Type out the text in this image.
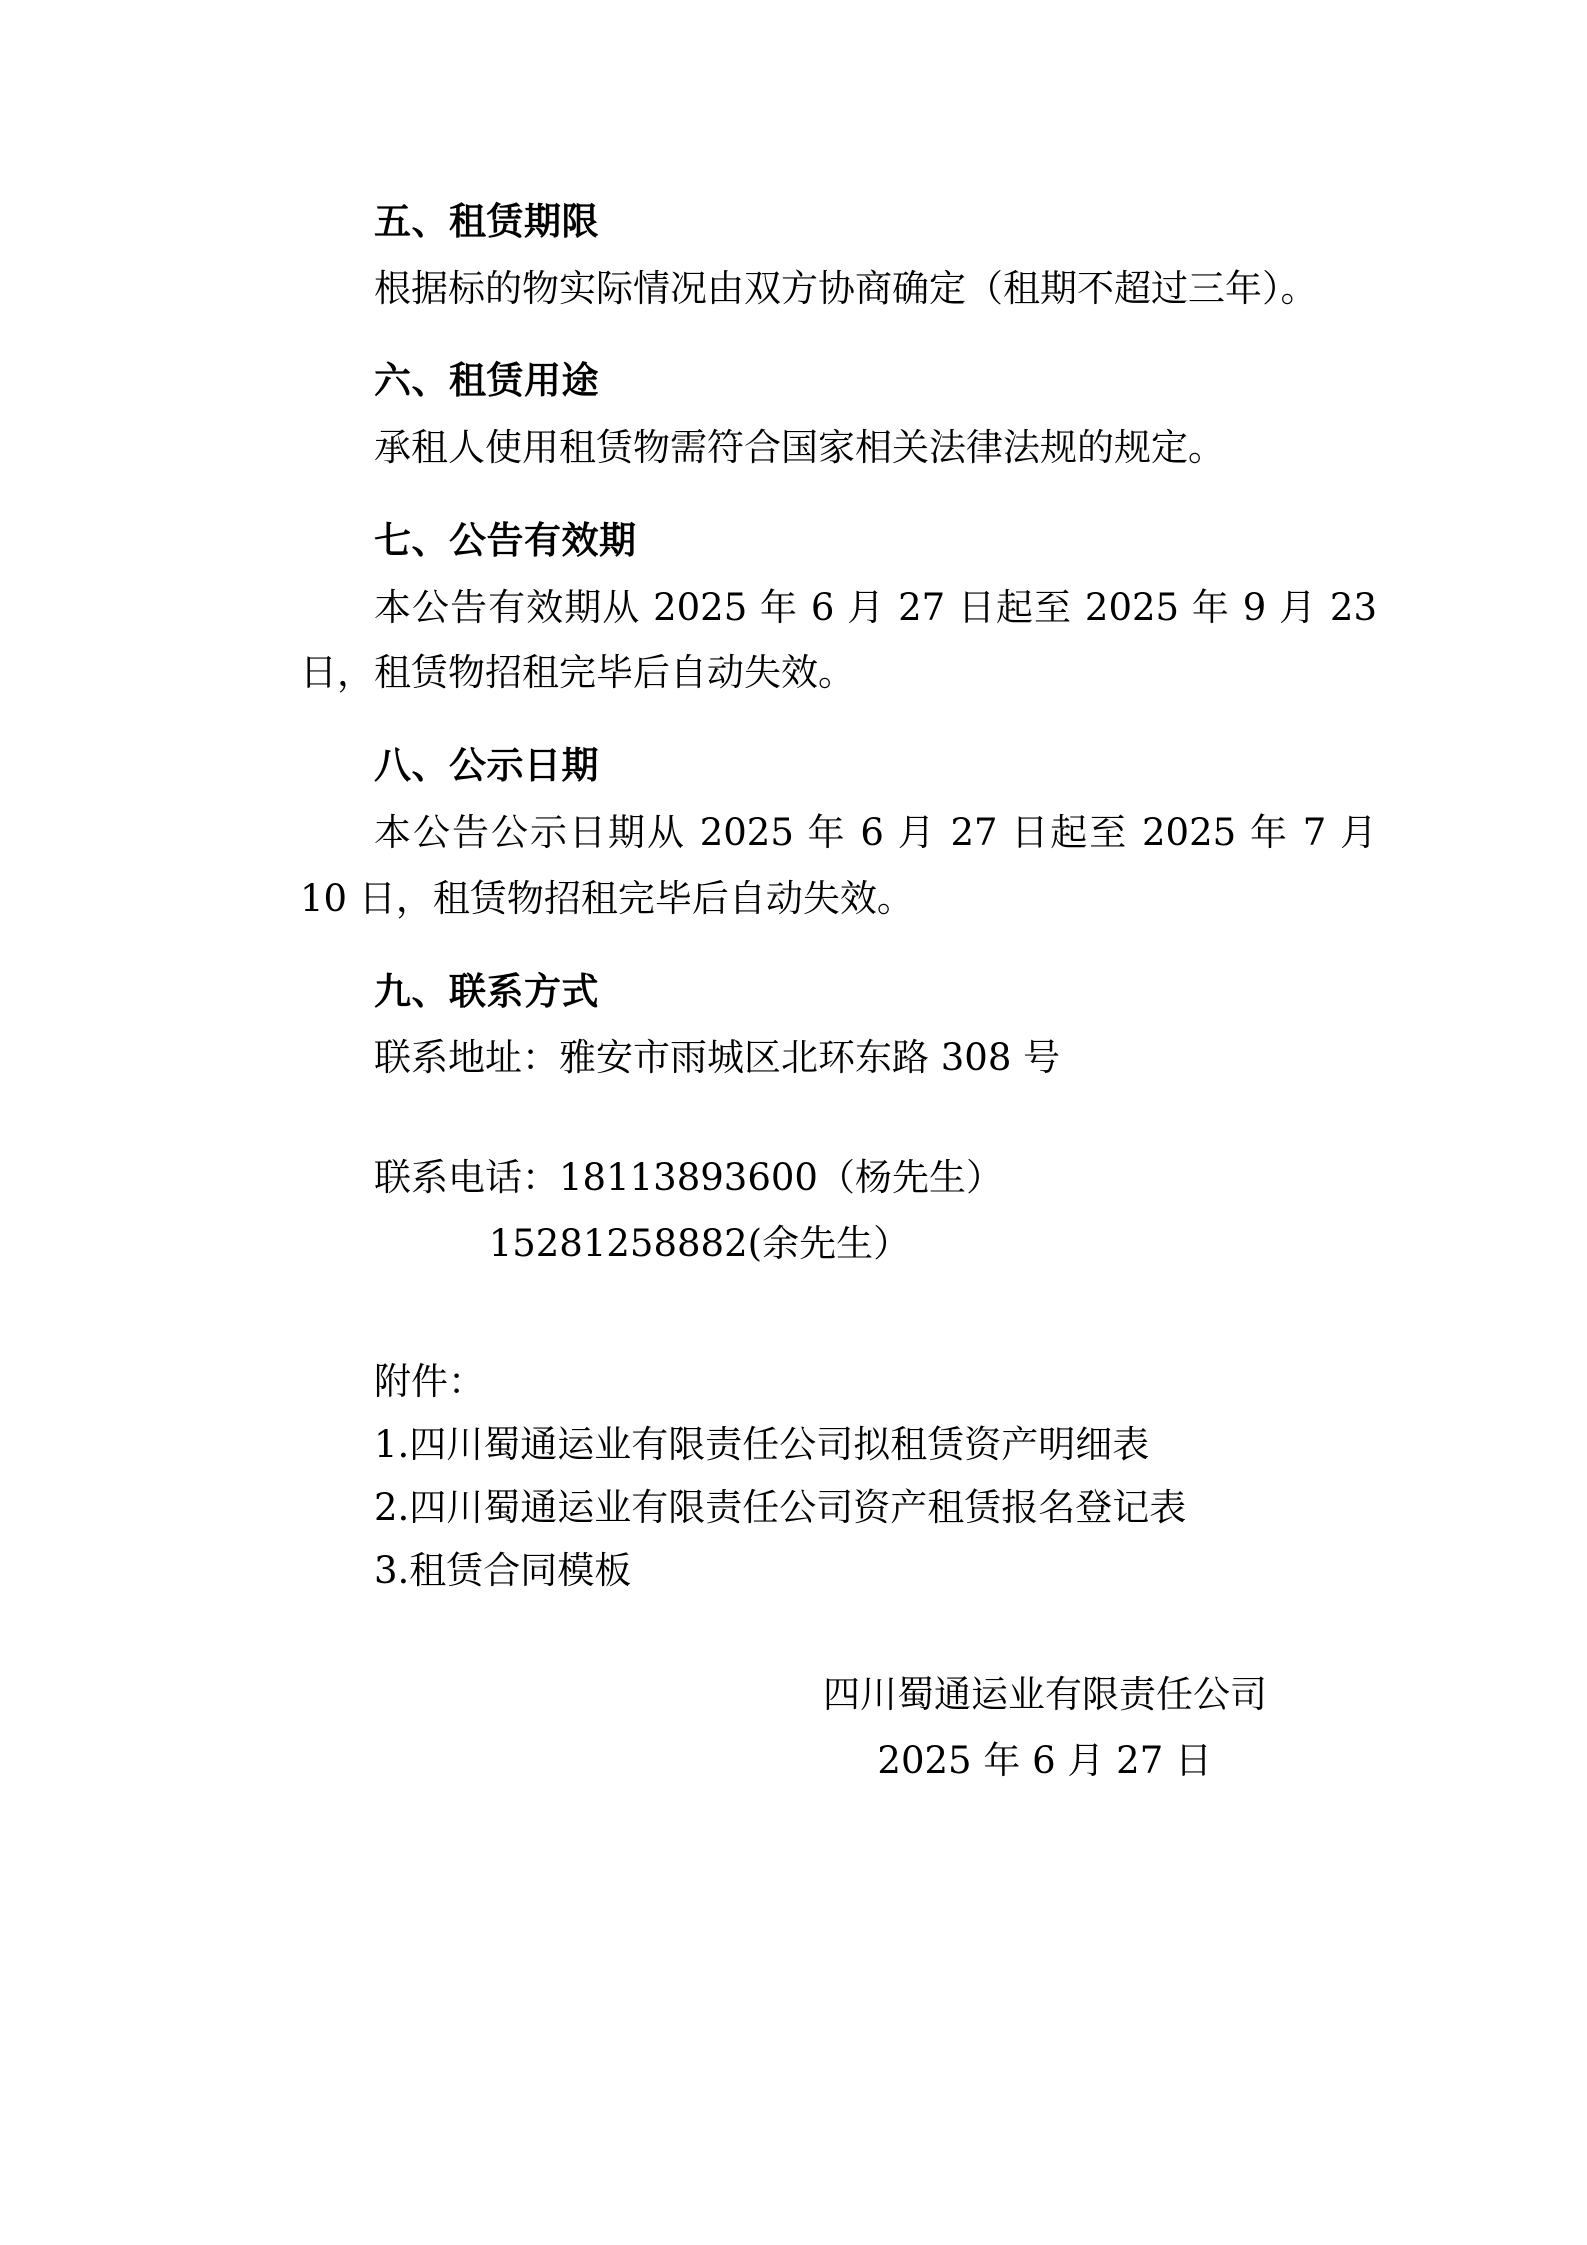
五、租赁期限

根据标的物实际情况由双方协商确定（租期不超过三年）。

六、租赁用途

承租人使用租赁物需符合国家相关法律法规的规定。

七、公告有效期

本公告有效期从 2025 年 6 月 27 日起至 2025 年 9 月 23 日，租赁物招租完毕后自动失效。

八、公示日期

本公告公示日期从 2025 年 6 月 27 日起至 2025 年 7 月 10 日，租赁物招租完毕后自动失效。

九、联系方式

联系地址：雅安市雨城区北环东路 308 号

联系电话：18113893600（杨先生）

15281258882(余先生）

附件：

1.四川蜀通运业有限责任公司拟租赁资产明细表

2.四川蜀通运业有限责任公司资产租赁报名登记表

3.租赁合同模板

四川蜀通运业有限责任公司
2025 年 6 月 27 日
